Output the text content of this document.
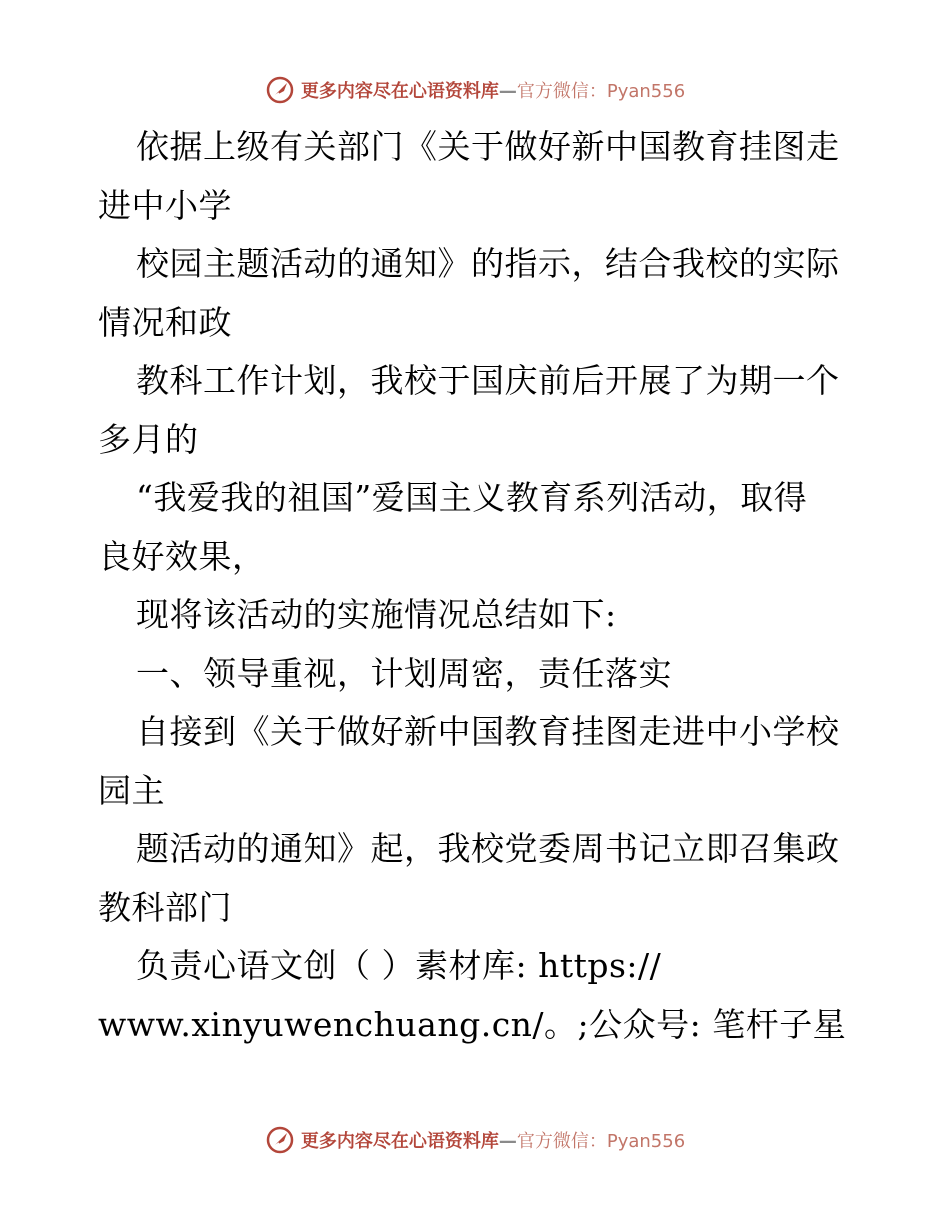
更多内容尽在心语资料库—官方微信：Pyan556
依据上级有关部门《关于做好新中国教育挂图走
进中小学
校园主题活动的通知》的指示，结合我校的实际
情况和政
教科工作计划，我校于国庆前后开展了为期一个
多月的
“我爱我的祖国”爱国主义教育系列活动，取得
良好效果，
现将该活动的实施情况总结如下:
一、领导重视，计划周密，责任落实
自接到《关于做好新中国教育挂图走进中小学校
园主
题活动的通知》起，我校党委周书记立即召集政
教科部门
负责心语文创（ ）素材库: https://
www.xinyuwenchuang.cn/。;公众号: 笔杆子星
更多内容尽在心语资料库—官方微信：Pyan556
